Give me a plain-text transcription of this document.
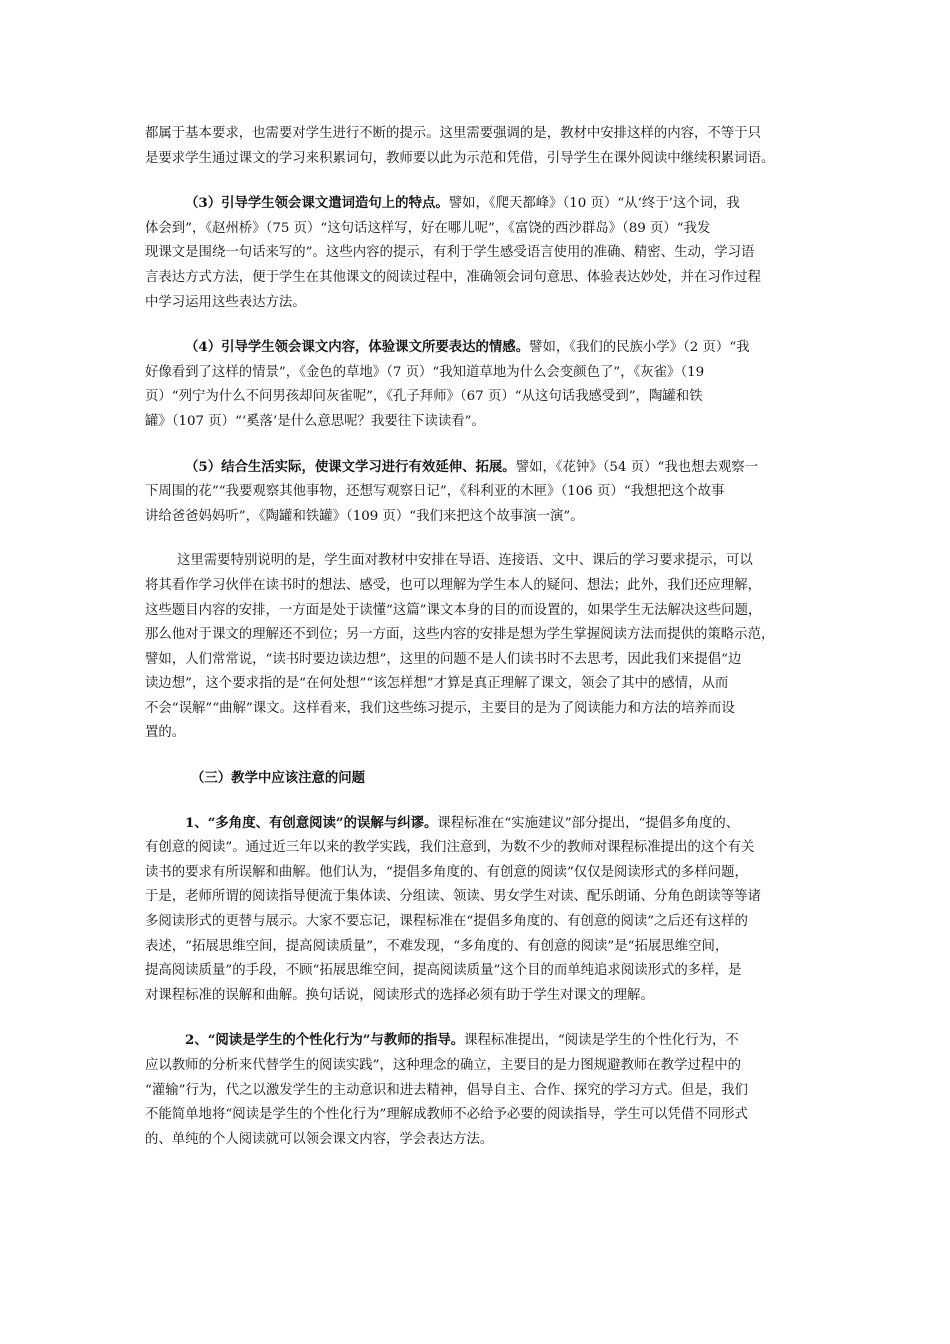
都属于基本要求，也需要对学生进行不断的提示。这里需要强调的是，教材中安排这样的内容，不等于只
是要求学生通过课文的学习来积累词句，教师要以此为示范和凭借，引导学生在课外阅读中继续积累词语。

（3）引导学生领会课文遣词造句上的特点。譬如，《爬天都峰》（10 页）“从‘终于’这个词，我
体会到”，《赵州桥》（75 页）“这句话这样写，好在哪儿呢”，《富饶的西沙群岛》（89 页）“我发
现课文是围绕一句话来写的”。这些内容的提示，有利于学生感受语言使用的准确、精密、生动，学习语
言表达方式方法，便于学生在其他课文的阅读过程中，准确领会词句意思、体验表达妙处，并在习作过程
中学习运用这些表达方法。

（4）引导学生领会课文内容，体验课文所要表达的情感。譬如，《我们的民族小学》（2 页）“我
好像看到了这样的情景”，《金色的草地》（7 页）“我知道草地为什么会变颜色了”，《灰雀》（19
页）“列宁为什么不问男孩却问灰雀呢”，《孔子拜师》（67 页）“从这句话我感受到”，陶罐和铁
罐》（107 页）“‘奚落’是什么意思呢？我要往下读读看”。

（5）结合生活实际，使课文学习进行有效延伸、拓展。譬如，《花钟》（54 页）“我也想去观察一
下周围的花”“我要观察其他事物，还想写观察日记”，《科利亚的木匣》（106 页）“我想把这个故事
讲给爸爸妈妈听”，《陶罐和铁罐》（109 页）“我们来把这个故事演一演”。

这里需要特别说明的是，学生面对教材中安排在导语、连接语、文中、课后的学习要求提示，可以
将其看作学习伙伴在读书时的想法、感受，也可以理解为学生本人的疑问、想法；此外，我们还应理解，
这些题目内容的安排，一方面是处于读懂“这篇”课文本身的目的而设置的，如果学生无法解决这些问题，
那么他对于课文的理解还不到位；另一方面，这些内容的安排是想为学生掌握阅读方法而提供的策略示范，
譬如，人们常常说，“读书时要边读边想”，这里的问题不是人们读书时不去思考，因此我们来提倡“边
读边想”，这个要求指的是“在何处想”“该怎样想”才算是真正理解了课文，领会了其中的感情，从而
不会“误解”“曲解”课文。这样看来，我们这些练习提示，主要目的是为了阅读能力和方法的培养而设
置的。

（三）教学中应该注意的问题

1、“多角度、有创意阅读”的误解与纠谬。课程标准在“实施建议”部分提出，“提倡多角度的、
有创意的阅读”。通过近三年以来的教学实践，我们注意到，为数不少的教师对课程标准提出的这个有关
读书的要求有所误解和曲解。他们认为，“提倡多角度的、有创意的阅读”仅仅是阅读形式的多样问题，
于是，老师所谓的阅读指导便流于集体读、分组读、领读、男女学生对读、配乐朗诵、分角色朗读等等诸
多阅读形式的更替与展示。大家不要忘记，课程标准在“提倡多角度的、有创意的阅读”之后还有这样的
表述，“拓展思维空间，提高阅读质量”，不难发现，“多角度的、有创意的阅读”是“拓展思维空间，
提高阅读质量”的手段，不顾“拓展思维空间，提高阅读质量”这个目的而单纯追求阅读形式的多样，是
对课程标准的误解和曲解。换句话说，阅读形式的选择必须有助于学生对课文的理解。

2、“阅读是学生的个性化行为”与教师的指导。课程标准提出，“阅读是学生的个性化行为，不
应以教师的分析来代替学生的阅读实践”，这种理念的确立，主要目的是力图规避教师在教学过程中的
“灌输”行为，代之以激发学生的主动意识和进去精神，倡导自主、合作、探究的学习方式。但是，我们
不能简单地将“阅读是学生的个性化行为”理解成教师不必给予必要的阅读指导，学生可以凭借不同形式
的、单纯的个人阅读就可以领会课文内容，学会表达方法。
